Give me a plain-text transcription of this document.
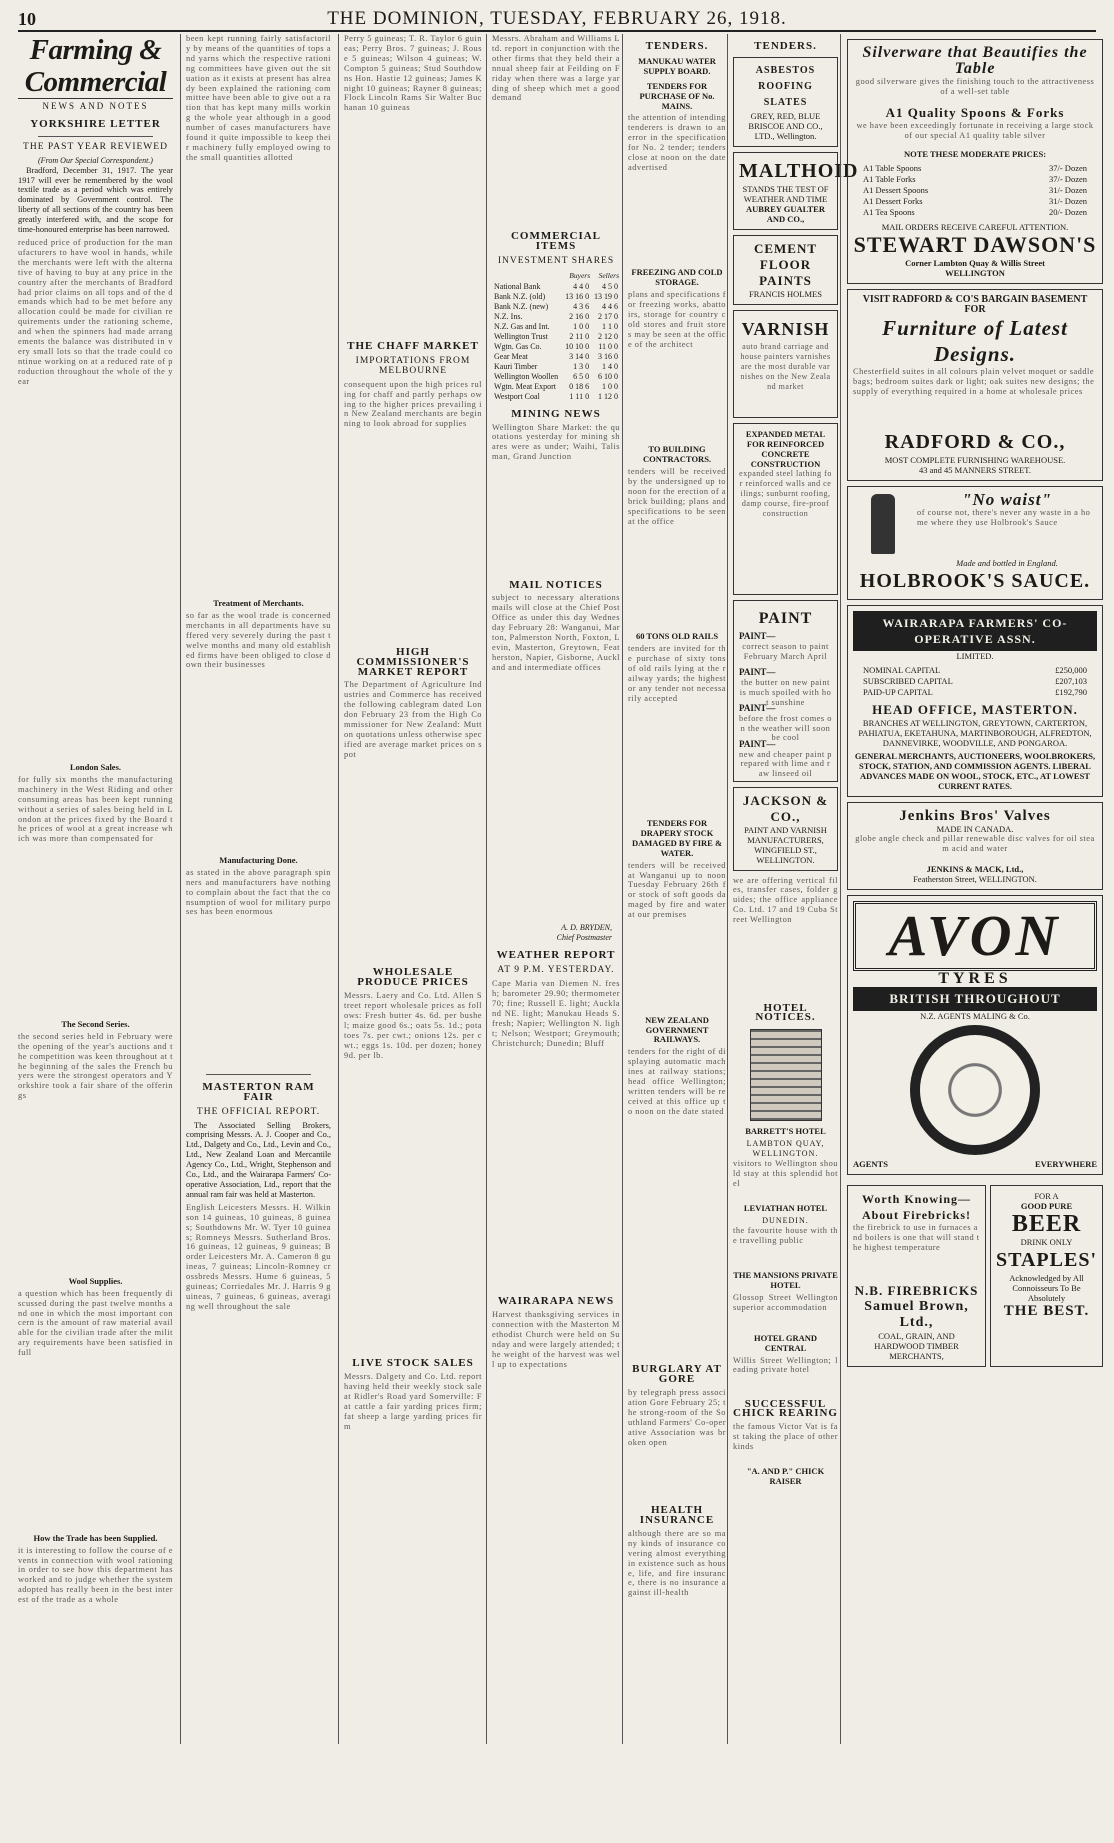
10	THE DOMINION, TUESDAY, FEBRUARY 26, 1918.
Farming & Commercial
NEWS AND NOTES
YORKSHIRE LETTER
THE PAST YEAR REVIEWED
(From Our Special Correspondent.)

Bradford, December 31, 1917. The year 1917 will ever be remembered by the wool textile trade as a period which was entirely dominated by Government control. The liberty of all sections of the country has been greatly interfered with, and the scope for time-honoured enterprise has been narrowed.

reduced price of production for the manufacturers to have wool in hands, while the merchants were left with the alternative of having to buy at any price in the country after the merchants of Bradford had prior claims on all tops and of the demands which had to be met before any allocation could be made for civilian requirements under the rationing scheme, and when the spinners had made arrangements the balance was distributed in very small lots so that the trade could continue working on at a reduced rate of production throughout the whole of the year
London Sales.
for fully six months the manufacturing machinery in the West Riding and other consuming areas has been kept running without a series of sales being held in London at the prices fixed by the Board the prices of wool at a great increase which was more than compensated for
The Second Series.
the second series held in February were the opening of the year's auctions and the competition was keen throughout at the beginning of the sales the French buyers were the strongest operators and Yorkshire took a fair share of the offerings
Wool Supplies.
a question which has been frequently discussed during the past twelve months and one in which the most important concern is the amount of raw material available for the civilian trade after the military requirements have been satisfied in full
How the Trade has been Supplied.
it is interesting to follow the course of events in connection with wool rationing in order to see how this department has worked and to judge whether the system adopted has really been in the best interest of the trade as a whole
been kept running fairly satisfactorily by means of the quantities of tops and yarns which the respective rationing committees have given out the situation as it exists at present has already been explained the rationing committee have been able to give out a ration that has kept many mills working the whole year although in a good number of cases manufacturers have found it quite impossible to keep their machinery fully employed owing to the small quantities allotted
Treatment of Merchants.
so far as the wool trade is concerned merchants in all departments have suffered very severely during the past twelve months and many old established firms have been obliged to close down their businesses
Manufacturing Done.
as stated in the above paragraph spinners and manufacturers have nothing to complain about the fact that the consumption of wool for military purposes has been enormous
MASTERTON RAM FAIR
THE OFFICIAL REPORT.

The Associated Selling Brokers, comprising Messrs. A. J. Cooper and Co., Ltd., Dalgety and Co., Ltd., Levin and Co., Ltd., New Zealand Loan and Mercantile Agency Co., Ltd., Wright, Stephenson and Co., Ltd., and the Wairarapa Farmers' Co-operative Association, Ltd., report that the annual ram fair was held at Masterton.

English Leicesters Messrs. H. Wilkinson 14 guineas, 10 guineas, 8 guineas; Southdowns Mr. W. Tyer 10 guineas; Romneys Messrs. Sutherland Bros. 16 guineas, 12 guineas, 9 guineas; Border Leicesters Mr. A. Cameron 8 guineas, 7 guineas; Lincoln-Romney crossbreds Messrs. Hume 6 guineas, 5 guineas; Corriedales Mr. J. Harris 9 guineas, 7 guineas, 6 guineas, averaging well throughout the sale
Perry 5 guineas; T. R. Taylor 6 guineas; Perry Bros. 7 guineas; J. Rouse 5 guineas; Wilson 4 guineas; W. Compton 5 guineas; Stud Southdowns Hon. Hastie 12 guineas; James Knight 10 guineas; Rayner 8 guineas; Flock Lincoln Rams Sir Walter Buchanan 10 guineas
THE CHAFF MARKET
IMPORTATIONS FROM MELBOURNE
consequent upon the high prices ruling for chaff and partly perhaps owing to the higher prices prevailing in New Zealand merchants are beginning to look abroad for supplies
HIGH COMMISSIONER'S MARKET REPORT
The Department of Agriculture Industries and Commerce has received the following cablegram dated London February 23 from the High Commissioner for New Zealand: Mutton quotations unless otherwise specified are average market prices on spot
WHOLESALE PRODUCE PRICES
Messrs. Laery and Co. Ltd. Allen Street report wholesale prices as follows: Fresh butter 4s. 6d. per bushel; maize good 6s.; oats 5s. 1d.; potatoes 7s. per cwt.; onions 12s. per cwt.; eggs 1s. 10d. per dozen; honey 9d. per lb.
LIVE STOCK SALES
Messrs. Dalgety and Co. Ltd. report having held their weekly stock sale at Ridler's Road yard Somerville: Fat cattle a fair yarding prices firm; fat sheep a large yarding prices firm
Messrs. Abraham and Williams Ltd. report in conjunction with the other firms that they held their annual sheep fair at Feilding on Friday when there was a large yarding of sheep which met a good demand
COMMERCIAL ITEMS
INVESTMENT SHARES
	Buyers	Sellers
National Bank	4 4 0	4 5 0
Bank N.Z. (old)	13 16 0	13 19 0
Bank N.Z. (new)	4 3 6	4 4 6
N.Z. Ins.	2 16 0	2 17 0
N.Z. Gas and Int.	1 0 0	1 1 0
Wellington Trust	2 11 0	2 12 0
Wgtn. Gas Co.	10 10 0	11 0 0
Gear Meat	3 14 0	3 16 0
Kauri Timber	1 3 0	1 4 0
Wellington Woollen	6 5 0	6 10 0
Wgtn. Meat Export	0 18 6	1 0 0
Westport Coal	1 11 0	1 12 0
MINING NEWS
Wellington Share Market: the quotations yesterday for mining shares were as under; Waihi, Talisman, Grand Junction
MAIL NOTICES
subject to necessary alterations mails will close at the Chief Post Office as under this day Wednesday February 28: Wanganui, Marton, Palmerston North, Foxton, Levin, Masterton, Greytown, Featherston, Napier, Gisborne, Auckland and intermediate offices
A. D. BRYDEN,
Chief Postmaster
WEATHER REPORT
AT 9 P.M. YESTERDAY.
Cape Maria van Diemen N. fresh; barometer 29.90; thermometer 70; fine; Russell E. light; Auckland NE. light; Manukau Heads S. fresh; Napier; Wellington N. light; Nelson; Westport; Greymouth; Christchurch; Dunedin; Bluff
WAIRARAPA NEWS
Harvest thanksgiving services in connection with the Masterton Methodist Church were held on Sunday and were largely attended; the weight of the harvest was well up to expectations
TENDERS.
MANUKAU WATER SUPPLY BOARD.
TENDERS FOR PURCHASE OF No. MAINS.
the attention of intending tenderers is drawn to an error in the specification for No. 2 tender; tenders close at noon on the date advertised
FREEZING AND COLD STORAGE.
plans and specifications for freezing works, abattoirs, storage for country cold stores and fruit stores may be seen at the office of the architect
TO BUILDING CONTRACTORS.
tenders will be received by the undersigned up to noon for the erection of a brick building; plans and specifications to be seen at the office
60 TONS OLD RAILS
tenders are invited for the purchase of sixty tons of old rails lying at the railway yards; the highest or any tender not necessarily accepted
TENDERS FOR DRAPERY STOCK DAMAGED BY FIRE & WATER.
tenders will be received at Wanganui up to noon Tuesday February 26th for stock of soft goods damaged by fire and water at our premises
NEW ZEALAND GOVERNMENT RAILWAYS.
tenders for the right of displaying automatic machines at railway stations; head office Wellington; written tenders will be received at this office up to noon on the date stated
BURGLARY AT GORE
by telegraph press association Gore February 25; the strong-room of the Southland Farmers' Co-operative Association was broken open
HEALTH INSURANCE
although there are so many kinds of insurance covering almost everything in existence such as house, life, and fire insurance, there is no insurance against ill-health
TENDERS.
ASBESTOS ROOFING SLATES
GREY, RED, BLUE
BRISCOE AND CO., LTD., Wellington.
MALTHOID
STANDS THE TEST OF WEATHER AND TIME
AUBREY GUALTER AND CO.,
CEMENT
FLOOR
PAINTS
FRANCIS HOLMES
VARNISH
auto brand carriage and house painters varnishes are the most durable varnishes on the New Zealand market
EXPANDED METAL FOR REINFORCED CONCRETE CONSTRUCTION
expanded steel lathing for reinforced walls and ceilings; sunburnt roofing, damp course, fire-proof construction
PAINT
PAINT—
correct season to paint February March April
PAINT—
the butter on new paint is much spoiled with hot sunshine
PAINT—
before the frost comes on the weather will soon be cool
PAINT—
new and cheaper paint prepared with lime and raw linseed oil
JACKSON & CO.,
PAINT AND VARNISH MANUFACTURERS,
WINGFIELD ST., WELLINGTON.
we are offering vertical files, transfer cases, folder guides; the office appliance Co. Ltd. 17 and 19 Cuba Street Wellington
HOTEL NOTICES.
BARRETT'S HOTEL
LAMBTON QUAY, WELLINGTON.
visitors to Wellington should stay at this splendid hotel
LEVIATHAN HOTEL
DUNEDIN.
the favourite house with the travelling public
THE MANSIONS PRIVATE HOTEL
Glossop Street Wellington superior accommodation
HOTEL GRAND CENTRAL
Willis Street Wellington; leading private hotel
SUCCESSFUL CHICK REARING
the famous Victor Vat is fast taking the place of other kinds
"A. AND P." CHICK RAISER
Silverware that Beautifies the Table
good silverware gives the finishing touch to the attractiveness of a well-set table
A1 Quality Spoons & Forks
we have been exceedingly fortunate in receiving a large stock of our special A1 quality table silver
NOTE THESE MODERATE PRICES:
A1 Table Spoons	37/- Dozen
A1 Table Forks	37/- Dozen
A1 Dessert Spoons	31/- Dozen
A1 Dessert Forks	31/- Dozen
A1 Tea Spoons	20/- Dozen
MAIL ORDERS RECEIVE CAREFUL ATTENTION.
STEWART DAWSON'S
Corner Lambton Quay & Willis Street
WELLINGTON
VISIT RADFORD & CO'S BARGAIN BASEMENT FOR
Furniture of Latest Designs.
Chesterfield suites in all colours plain velvet moquet or saddlebags; bedroom suites dark or light; oak suites new designs; the supply of everything required in a home at wholesale prices
RADFORD & CO.,
MOST COMPLETE FURNISHING WAREHOUSE.
43 and 45 MANNERS STREET.
"No waist"
of course not, there's never any waste in a home where they use Holbrook's Sauce
Made and bottled in England.
HOLBROOK'S SAUCE.
WAIRARAPA FARMERS' CO-OPERATIVE ASSN.
LIMITED.
NOMINAL CAPITAL	£250,000
SUBSCRIBED CAPITAL	£207,103
PAID-UP CAPITAL	£192,790
HEAD OFFICE, MASTERTON.
BRANCHES AT WELLINGTON, GREYTOWN, CARTERTON, PAHIATUA, EKETAHUNA, MARTINBOROUGH, ALFREDTON, DANNEVIRKE, WOODVILLE, AND PONGAROA.
GENERAL MERCHANTS, AUCTIONEERS, WOOLBROKERS, STOCK, STATION, AND COMMISSION AGENTS. LIBERAL ADVANCES MADE ON WOOL, STOCK, ETC., AT LOWEST CURRENT RATES.
Jenkins Bros' Valves
MADE IN CANADA.
globe angle check and pillar renewable disc valves for oil steam acid and water
JENKINS & MACK, Ltd.,
Featherston Street, WELLINGTON.
AVON
TYRES
BRITISH THROUGHOUT
N.Z. AGENTS MALING & Co.
AGENTS	EVERYWHERE
Worth Knowing—About Firebricks!
the firebrick to use in furnaces and boilers is one that will stand the highest temperature
N.B. FIREBRICKS
Samuel Brown, Ltd.,
COAL, GRAIN, AND HARDWOOD TIMBER MERCHANTS,
FOR A
GOOD PURE
BEER
DRINK ONLY
STAPLES'
Acknowledged by All Connoisseurs To Be Absolutely
THE BEST.
